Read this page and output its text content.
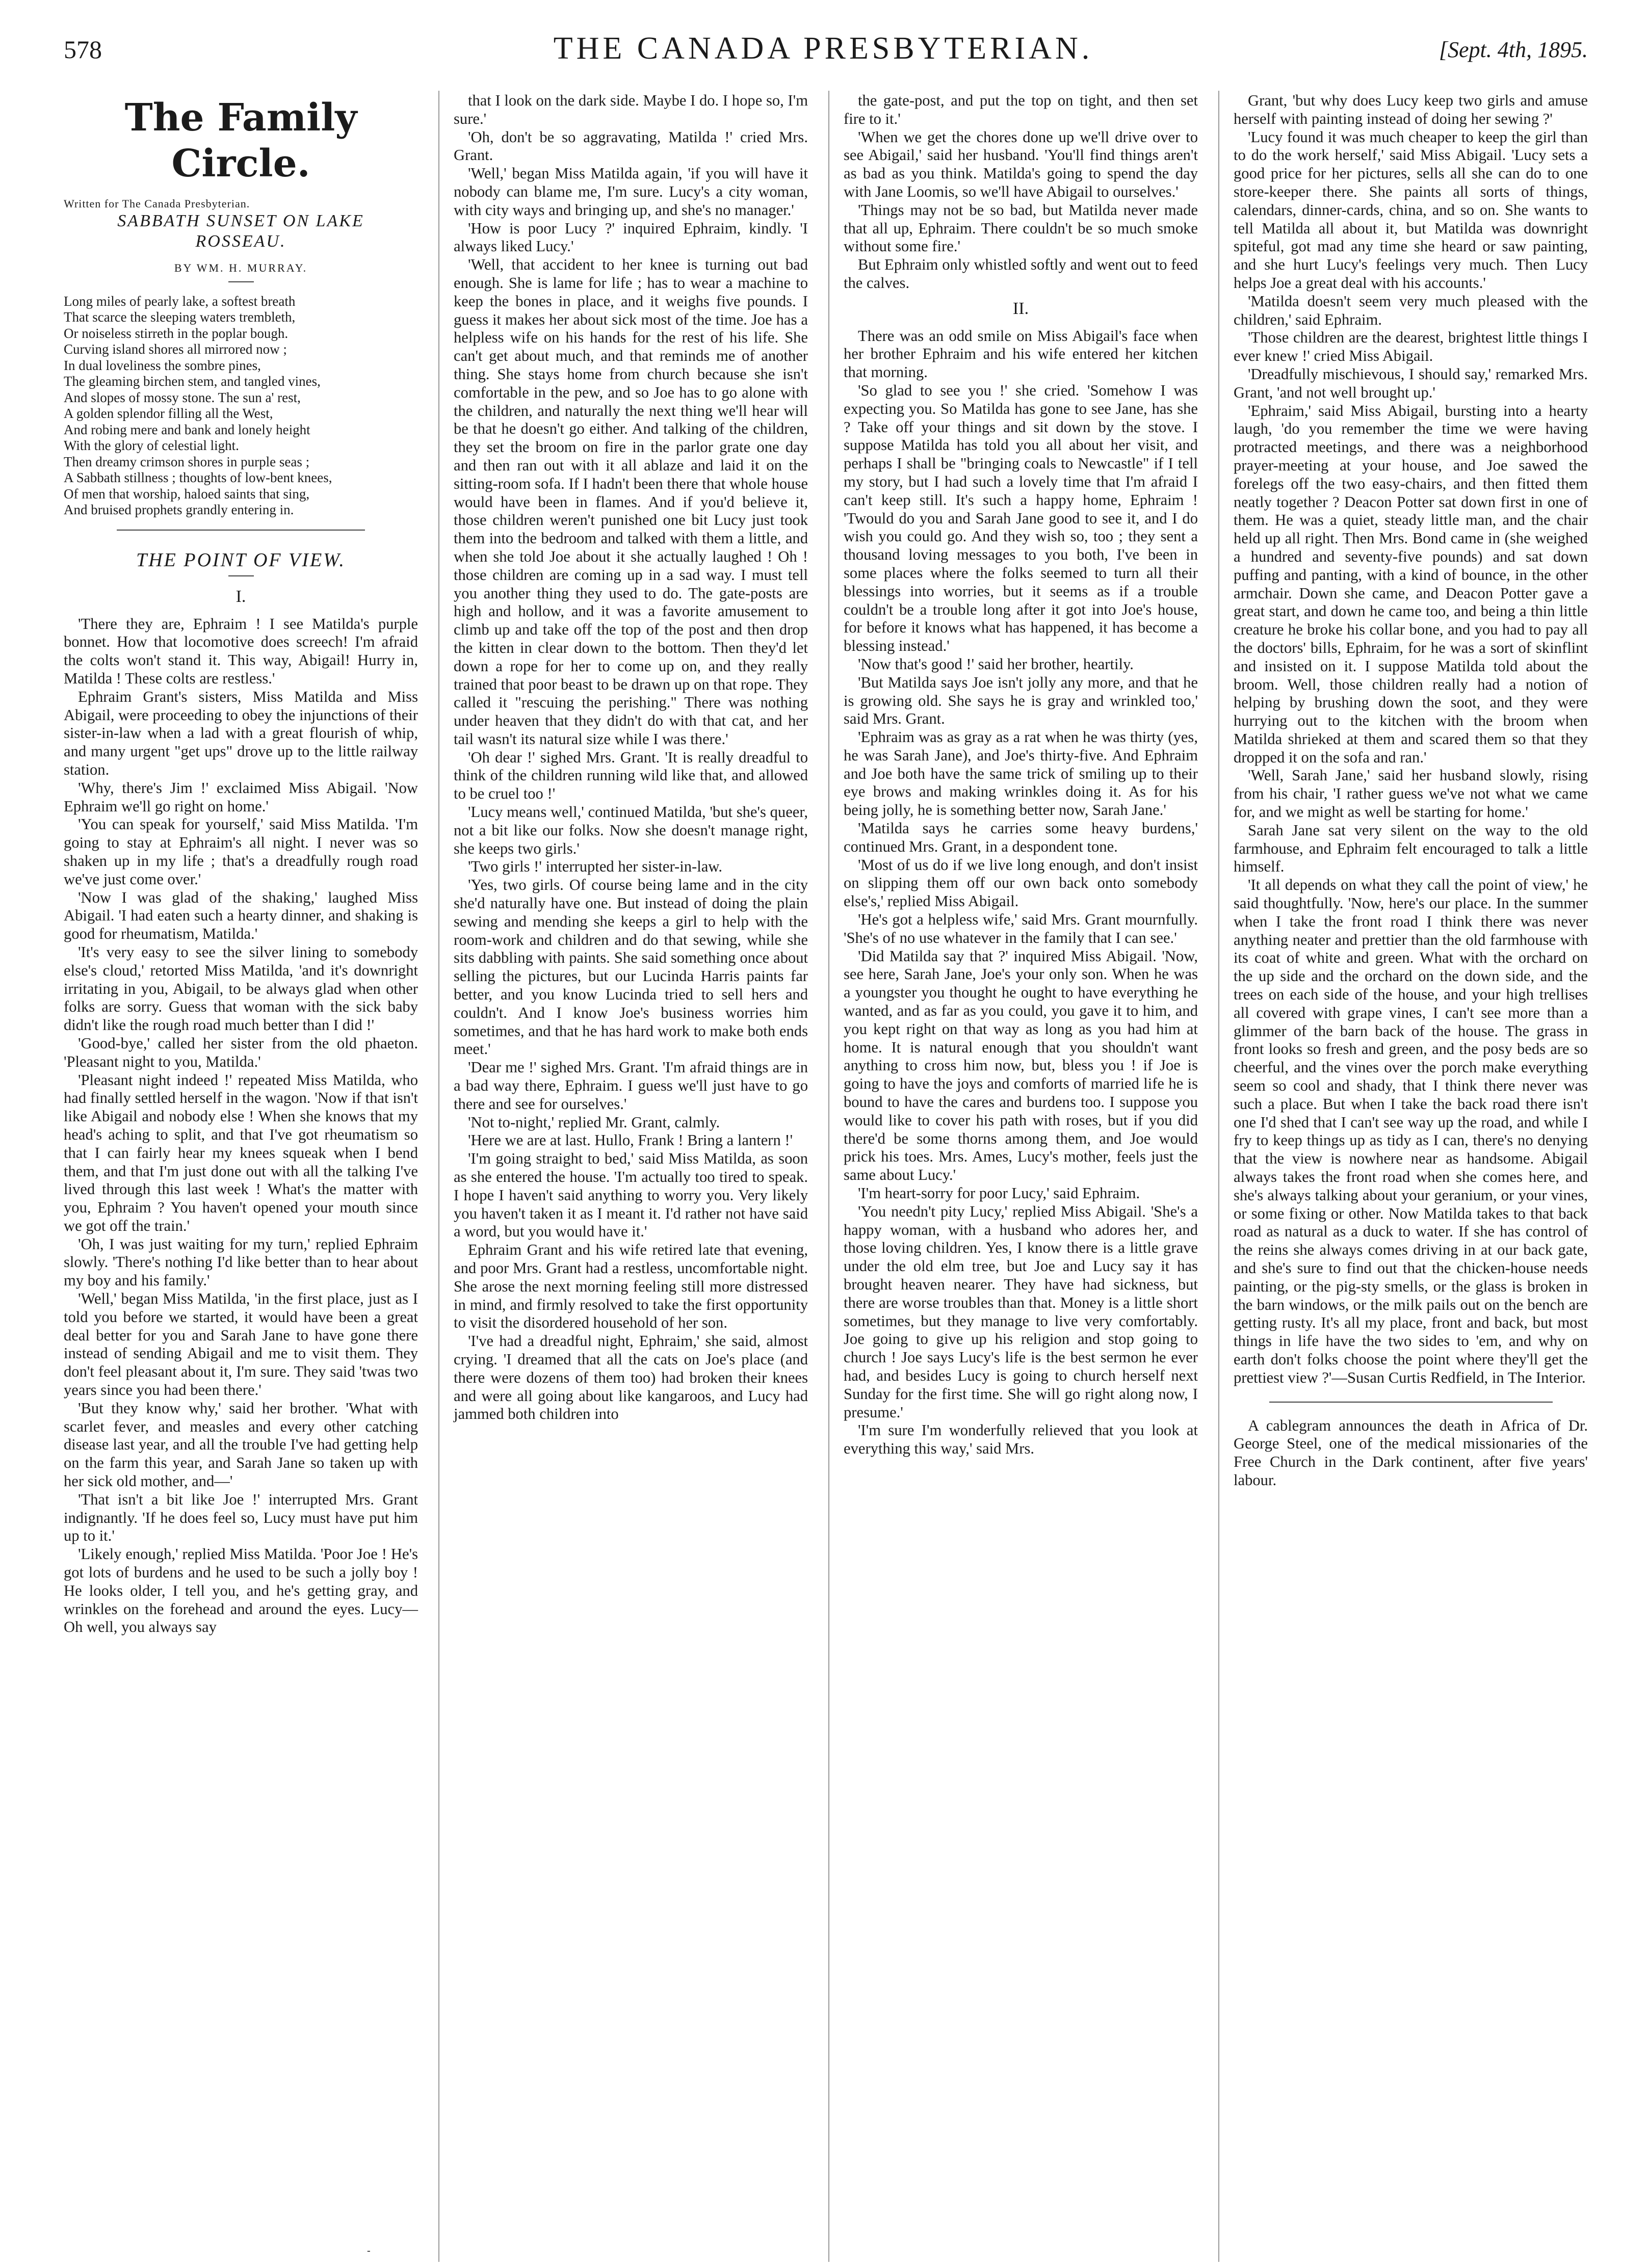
578	THE CANADA PRESBYTERIAN.	[Sept. 4th, 1895.
The Family Circle.
Written for The Canada Presbyterian.
SABBATH SUNSET ON LAKE
ROSSEAU.
BY WM. H. MURRAY.

Long miles of pearly lake, a softest breath

That scarce the sleeping waters trembleth,

Or noiseless stirreth in the poplar bough.

Curving island shores all mirrored now ;

In dual loveliness the sombre pines,

The gleaming birchen stem, and tangled vines,

And slopes of mossy stone. The sun a' rest,

A golden splendor filling all the West,

And robing mere and bank and lonely height

With the glory of celestial light.

Then dreamy crimson shores in purple seas ;

A Sabbath stillness ; thoughts of low-bent knees,

Of men that worship, haloed saints that sing,

And bruised prophets grandly entering in.

THE POINT OF VIEW.
I.

'There they are, Ephraim ! I see Matilda's purple bonnet. How that locomotive does screech! I'm afraid the colts won't stand it. This way, Abigail! Hurry in, Matilda ! These colts are restless.'

Ephraim Grant's sisters, Miss Matilda and Miss Abigail, were proceeding to obey the injunctions of their sister-in-law when a lad with a great flourish of whip, and many urgent "get ups" drove up to the little railway station.

'Why, there's Jim !' exclaimed Miss Abigail. 'Now Ephraim we'll go right on home.'

'You can speak for yourself,' said Miss Matilda. 'I'm going to stay at Ephraim's all night. I never was so shaken up in my life ; that's a dreadfully rough road we've just come over.'

'Now I was glad of the shaking,' laughed Miss Abigail. 'I had eaten such a hearty dinner, and shaking is good for rheumatism, Matilda.'

'It's very easy to see the silver lining to somebody else's cloud,' retorted Miss Matilda, 'and it's downright irritating in you, Abigail, to be always glad when other folks are sorry. Guess that woman with the sick baby didn't like the rough road much better than I did !'

'Good-bye,' called her sister from the old phaeton. 'Pleasant night to you, Matilda.'

'Pleasant night indeed !' repeated Miss Matilda, who had finally settled herself in the wagon. 'Now if that isn't like Abigail and nobody else ! When she knows that my head's aching to split, and that I've got rheumatism so that I can fairly hear my knees squeak when I bend them, and that I'm just done out with all the talking I've lived through this last week ! What's the matter with you, Ephraim ? You haven't opened your mouth since we got off the train.'

'Oh, I was just waiting for my turn,' replied Ephraim slowly. 'There's nothing I'd like better than to hear about my boy and his family.'

'Well,' began Miss Matilda, 'in the first place, just as I told you before we started, it would have been a great deal better for you and Sarah Jane to have gone there instead of sending Abigail and me to visit them. They don't feel pleasant about it, I'm sure. They said 'twas two years since you had been there.'

'But they know why,' said her brother. 'What with scarlet fever, and measles and every other catching disease last year, and all the trouble I've had getting help on the farm this year, and Sarah Jane so taken up with her sick old mother, and—'

'That isn't a bit like Joe !' interrupted Mrs. Grant indignantly. 'If he does feel so, Lucy must have put him up to it.'

'Likely enough,' replied Miss Matilda. 'Poor Joe ! He's got lots of burdens and he used to be such a jolly boy ! He looks older, I tell you, and he's getting gray, and wrinkles on the forehead and around the eyes. Lucy—Oh well, you always say

that I look on the dark side. Maybe I do. I hope so, I'm sure.'

'Oh, don't be so aggravating, Matilda !' cried Mrs. Grant.

'Well,' began Miss Matilda again, 'if you will have it nobody can blame me, I'm sure. Lucy's a city woman, with city ways and bringing up, and she's no manager.'

'How is poor Lucy ?' inquired Ephraim, kindly. 'I always liked Lucy.'

'Well, that accident to her knee is turning out bad enough. She is lame for life ; has to wear a machine to keep the bones in place, and it weighs five pounds. I guess it makes her about sick most of the time. Joe has a helpless wife on his hands for the rest of his life. She can't get about much, and that reminds me of another thing. She stays home from church because she isn't comfortable in the pew, and so Joe has to go alone with the children, and naturally the next thing we'll hear will be that he doesn't go either. And talking of the children, they set the broom on fire in the parlor grate one day and then ran out with it all ablaze and laid it on the sitting-room sofa. If I hadn't been there that whole house would have been in flames. And if you'd believe it, those children weren't punished one bit Lucy just took them into the bedroom and talked with them a little, and when she told Joe about it she actually laughed ! Oh ! those children are coming up in a sad way. I must tell you another thing they used to do. The gate-posts are high and hollow, and it was a favorite amusement to climb up and take off the top of the post and then drop the kitten in clear down to the bottom. Then they'd let down a rope for her to come up on, and they really trained that poor beast to be drawn up on that rope. They called it "rescuing the perishing." There was nothing under heaven that they didn't do with that cat, and her tail wasn't its natural size while I was there.'

'Oh dear !' sighed Mrs. Grant. 'It is really dreadful to think of the children running wild like that, and allowed to be cruel too !'

'Lucy means well,' continued Matilda, 'but she's queer, not a bit like our folks. Now she doesn't manage right, she keeps two girls.'

'Two girls !' interrupted her sister-in-law.

'Yes, two girls. Of course being lame and in the city she'd naturally have one. But instead of doing the plain sewing and mending she keeps a girl to help with the room-work and children and do that sewing, while she sits dabbling with paints. She said something once about selling the pictures, but our Lucinda Harris paints far better, and you know Lucinda tried to sell hers and couldn't. And I know Joe's business worries him sometimes, and that he has hard work to make both ends meet.'

'Dear me !' sighed Mrs. Grant. 'I'm afraid things are in a bad way there, Ephraim. I guess we'll just have to go there and see for ourselves.'

'Not to-night,' replied Mr. Grant, calmly.

'Here we are at last. Hullo, Frank ! Bring a lantern !'

'I'm going straight to bed,' said Miss Matilda, as soon as she entered the house. 'I'm actually too tired to speak. I hope I haven't said anything to worry you. Very likely you haven't taken it as I meant it. I'd rather not have said a word, but you would have it.'

Ephraim Grant and his wife retired late that evening, and poor Mrs. Grant had a restless, uncomfortable night. She arose the next morning feeling still more distressed in mind, and firmly resolved to take the first opportunity to visit the disordered household of her son.

'I've had a dreadful night, Ephraim,' she said, almost crying. 'I dreamed that all the cats on Joe's place (and there were dozens of them too) had broken their knees and were all going about like kangaroos, and Lucy had jammed both children into

the gate-post, and put the top on tight, and then set fire to it.'

'When we get the chores done up we'll drive over to see Abigail,' said her husband. 'You'll find things aren't as bad as you think. Matilda's going to spend the day with Jane Loomis, so we'll have Abigail to ourselves.'

'Things may not be so bad, but Matilda never made that all up, Ephraim. There couldn't be so much smoke without some fire.'

But Ephraim only whistled softly and went out to feed the calves.

II.

There was an odd smile on Miss Abigail's face when her brother Ephraim and his wife entered her kitchen that morning.

'So glad to see you !' she cried. 'Somehow I was expecting you. So Matilda has gone to see Jane, has she ? Take off your things and sit down by the stove. I suppose Matilda has told you all about her visit, and perhaps I shall be "bringing coals to Newcastle" if I tell my story, but I had such a lovely time that I'm afraid I can't keep still. It's such a happy home, Ephraim ! 'Twould do you and Sarah Jane good to see it, and I do wish you could go. And they wish so, too ; they sent a thousand loving messages to you both, I've been in some places where the folks seemed to turn all their blessings into worries, but it seems as if a trouble couldn't be a trouble long after it got into Joe's house, for before it knows what has happened, it has become a blessing instead.'

'Now that's good !' said her brother, heartily.

'But Matilda says Joe isn't jolly any more, and that he is growing old. She says he is gray and wrinkled too,' said Mrs. Grant.

'Ephraim was as gray as a rat when he was thirty (yes, he was Sarah Jane), and Joe's thirty-five. And Ephraim and Joe both have the same trick of smiling up to their eye brows and making wrinkles doing it. As for his being jolly, he is something better now, Sarah Jane.'

'Matilda says he carries some heavy burdens,' continued Mrs. Grant, in a despondent tone.

'Most of us do if we live long enough, and don't insist on slipping them off our own back onto somebody else's,' replied Miss Abigail.

'He's got a helpless wife,' said Mrs. Grant mournfully. 'She's of no use whatever in the family that I can see.'

'Did Matilda say that ?' inquired Miss Abigail. 'Now, see here, Sarah Jane, Joe's your only son. When he was a youngster you thought he ought to have everything he wanted, and as far as you could, you gave it to him, and you kept right on that way as long as you had him at home. It is natural enough that you shouldn't want anything to cross him now, but, bless you ! if Joe is going to have the joys and comforts of married life he is bound to have the cares and burdens too. I suppose you would like to cover his path with roses, but if you did there'd be some thorns among them, and Joe would prick his toes. Mrs. Ames, Lucy's mother, feels just the same about Lucy.'

'I'm heart-sorry for poor Lucy,' said Ephraim.

'You needn't pity Lucy,' replied Miss Abigail. 'She's a happy woman, with a husband who adores her, and those loving children. Yes, I know there is a little grave under the old elm tree, but Joe and Lucy say it has brought heaven nearer. They have had sickness, but there are worse troubles than that. Money is a little short sometimes, but they manage to live very comfortably. Joe going to give up his religion and stop going to church ! Joe says Lucy's life is the best sermon he ever had, and besides Lucy is going to church herself next Sunday for the first time. She will go right along now, I presume.'

'I'm sure I'm wonderfully relieved that you look at everything this way,' said Mrs.

Grant, 'but why does Lucy keep two girls and amuse herself with painting instead of doing her sewing ?'

'Lucy found it was much cheaper to keep the girl than to do the work herself,' said Miss Abigail. 'Lucy sets a good price for her pictures, sells all she can do to one store-keeper there. She paints all sorts of things, calendars, dinner-cards, china, and so on. She wants to tell Matilda all about it, but Matilda was downright spiteful, got mad any time she heard or saw painting, and she hurt Lucy's feelings very much. Then Lucy helps Joe a great deal with his accounts.'

'Matilda doesn't seem very much pleased with the children,' said Ephraim.

'Those children are the dearest, brightest little things I ever knew !' cried Miss Abigail.

'Dreadfully mischievous, I should say,' remarked Mrs. Grant, 'and not well brought up.'

'Ephraim,' said Miss Abigail, bursting into a hearty laugh, 'do you remember the time we were having protracted meetings, and there was a neighborhood prayer-meeting at your house, and Joe sawed the forelegs off the two easy-chairs, and then fitted them neatly together ? Deacon Potter sat down first in one of them. He was a quiet, steady little man, and the chair held up all right. Then Mrs. Bond came in (she weighed a hundred and seventy-five pounds) and sat down puffing and panting, with a kind of bounce, in the other armchair. Down she came, and Deacon Potter gave a great start, and down he came too, and being a thin little creature he broke his collar bone, and you had to pay all the doctors' bills, Ephraim, for he was a sort of skinflint and insisted on it. I suppose Matilda told about the broom. Well, those children really had a notion of helping by brushing down the soot, and they were hurrying out to the kitchen with the broom when Matilda shrieked at them and scared them so that they dropped it on the sofa and ran.'

'Well, Sarah Jane,' said her husband slowly, rising from his chair, 'I rather guess we've not what we came for, and we might as well be starting for home.'

Sarah Jane sat very silent on the way to the old farmhouse, and Ephraim felt encouraged to talk a little himself.

'It all depends on what they call the point of view,' he said thoughtfully. 'Now, here's our place. In the summer when I take the front road I think there was never anything neater and prettier than the old farmhouse with its coat of white and green. What with the orchard on the up side and the orchard on the down side, and the trees on each side of the house, and your high trellises all covered with grape vines, I can't see more than a glimmer of the barn back of the house. The grass in front looks so fresh and green, and the posy beds are so cheerful, and the vines over the porch make everything seem so cool and shady, that I think there never was such a place. But when I take the back road there isn't one I'd shed that I can't see way up the road, and while I fry to keep things up as tidy as I can, there's no denying that the view is nowhere near as handsome. Abigail always takes the front road when she comes here, and she's always talking about your geranium, or your vines, or some fixing or other. Now Matilda takes to that back road as natural as a duck to water. If she has control of the reins she always comes driving in at our back gate, and she's sure to find out that the chicken-house needs painting, or the pig-sty smells, or the glass is broken in the barn windows, or the milk pails out on the bench are getting rusty. It's all my place, front and back, but most things in life have the two sides to 'em, and why on earth don't folks choose the point where they'll get the prettiest view ?'—Susan Curtis Redfield, in The Interior.

A cablegram announces the death in Africa of Dr. George Steel, one of the medical missionaries of the Free Church in the Dark continent, after five years' labour.

-
